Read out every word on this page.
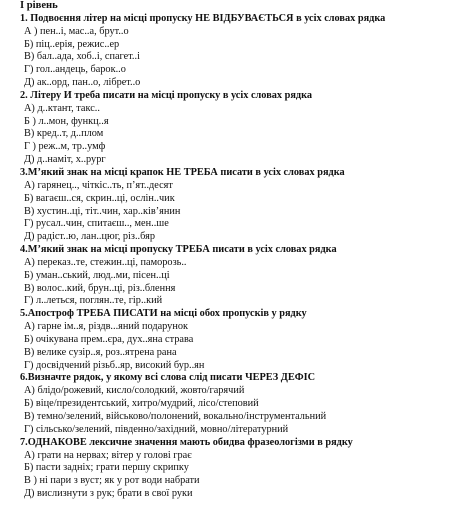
І рівень
1. Подвоєння літер на місці пропуску НЕ ВІДБУВАЄТЬСЯ в усіх словах рядка
А ) пен..і, мас..а, брут..о
Б) піц..ерія, режис..ер
В) бал..ада, хоб..і, спагет..і
Г) гол..андець, барок..о
Д) ак..орд, пан..о, лібрет..о
2. Літеру И треба писати на місці пропуску в усіх словах рядка
А) д..ктант, такс..
Б ) л..мон, функц..я
В) кред..т, д..плом
Г ) реж..м, тр..умф
Д) д..наміт, х..рург
3.М’який знак на місці крапок НЕ ТРЕБА писати в усіх словах рядка
А) гарянец.., чіткіс..ть, п’ят..десят
Б) вагаєш..ся, скрин..ці, ослін..чик
В) хустин..ці, тіт..чин, хар..ків’янин
Г) русал..чин, спитаєш.., мен..ше
Д) радіст..ю, лан..цюг, різ..бяр
4.М’який знак на місці пропуску ТРЕБА писати в усіх словах рядка
А) переказ..те, стежин..ці, паморозь..
Б) уман..ський, люд..ми, пісен..ці
В) волос..кий, брун..ці, різ..блення
Г) л..леться, поглян..те, гір..кий
5.Апостроф ТРЕБА ПИСАТИ на місці обох пропусків у рядку
А) гарне ім..я, різдв...яний подарунок
Б) очікувана прем..єра, дух..яна страва
В) велике сузір..я, роз..ятрена рана
Г) досвідчений різьб..яр, високий бур..ян
6.Визначте рядок, у якому всі слова слід писати ЧЕРЕЗ ДЕФІС
А) блідо/рожевий, кисло/солодкий, жовто/гарячий
Б) віце/президентський, хитро/мудрий, лісо/степовий
В) темно/зелений, військово/полонений, вокально/інструментальний
Г) сільсько/зелений, південно/західний, мовно/літературний
7.ОДНАКОВЕ лексичне значення мають обидва фразеологізми в рядку
А) грати на нервах; вітер у голові грає
Б) пасти задніх; грати першу скрипку
В ) ні пари з вуст; як у рот води набрати
Д) вислизнути з рук; брати в свої руки
